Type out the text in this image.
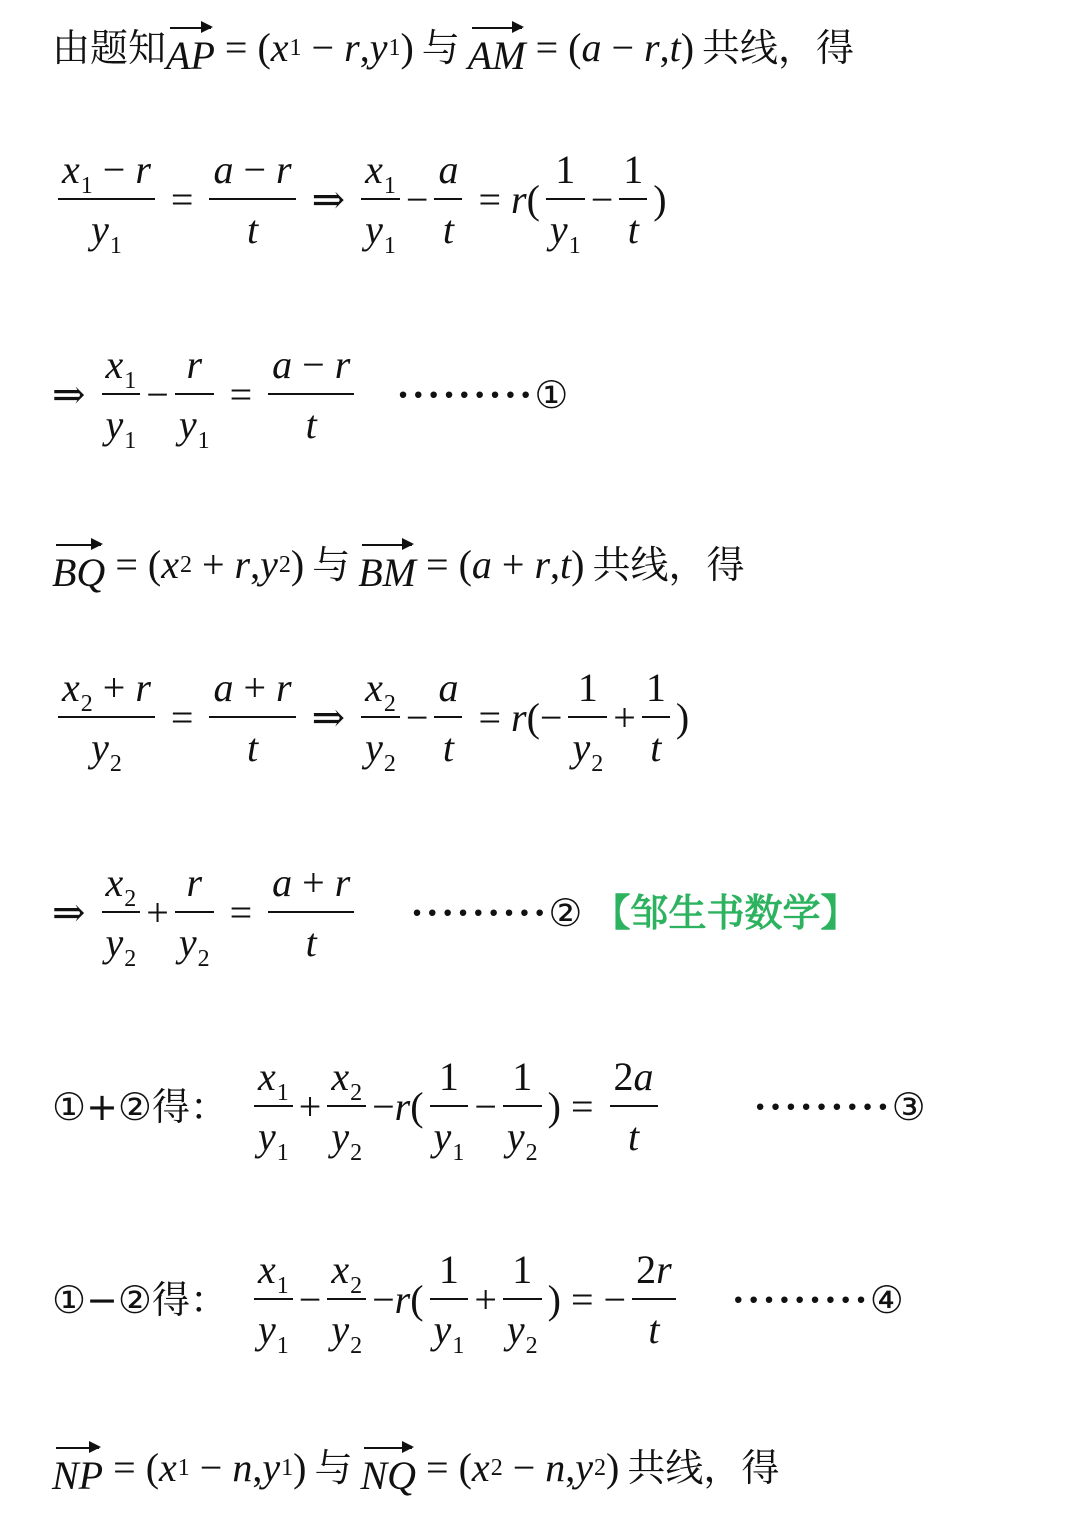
由题知 AP = ( x 1 − r , y 1 ) 与 AM = ( a − r , t ) 共线，得
$\frac{x_1 - r}{y_1} = \frac{a - r}{t}$ ⇒ $\frac{x_1}{y_1} - \frac{a}{t} = r$ ( $\frac{1}{y_1} - \frac{1}{t}$ )
⇒ $\frac{x_1}{y_1} - \frac{r}{y_1} = \frac{a - r}{t}$ ········· ①
BQ = ( x 2 + r , y 2 ) 与 BM = ( a + r , t ) 共线，得
$\frac{x_2 + r}{y_2} = \frac{a + r}{t}$ ⇒ $\frac{x_2}{y_2} - \frac{a}{t} = r$ (− $\frac{1}{y_2} + \frac{1}{t}$ )
⇒ $\frac{x_2}{y_2} + \frac{r}{y_2} = \frac{a + r}{t}$ ········· ② 【邹生书数学】
①+②得： $\frac{x_1}{y_1} + \frac{x_2}{y_2} - r$ ( $\frac{1}{y_1} - \frac{1}{y_2}$ ) = $\frac{2a}{t}$ ········· ③
①−②得： $\frac{x_1}{y_1} - \frac{x_2}{y_2} - r$ ( $\frac{1}{y_1} + \frac{1}{y_2}$ ) = − $\frac{2r}{t}$ ········· ④
NP = ( x 1 − n , y 1 ) 与 NQ = ( x 2 − n , y 2 ) 共线，得
